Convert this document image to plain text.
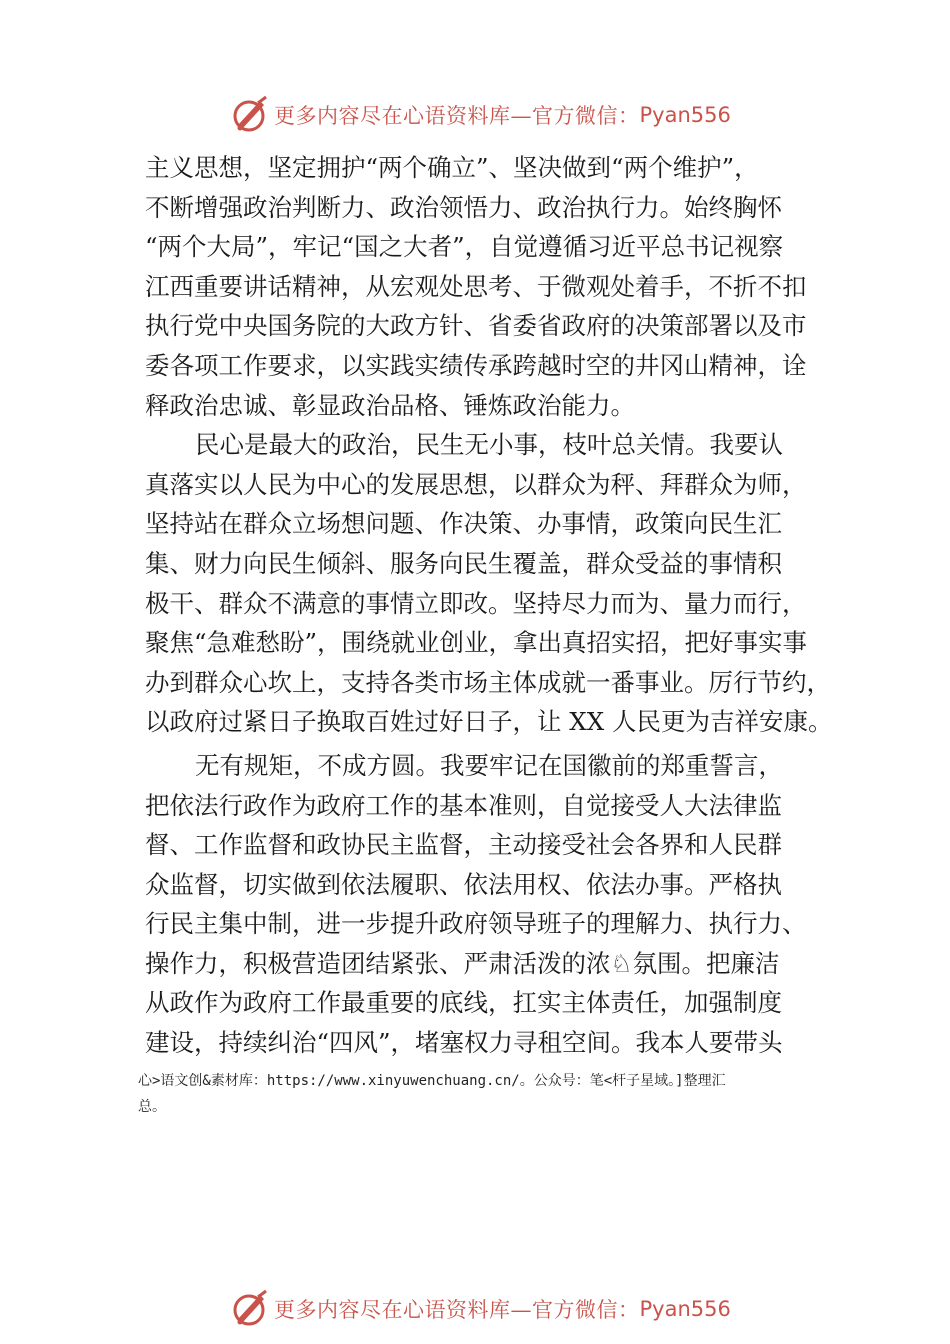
更多内容尽在心语资料库—官方微信： Pyan556
主义思想，坚定拥护“两个确立”、坚决做到“两个维护”，
不断增强政治判断力、政治领悟力、政治执行力。始终胸怀
“两个大局”，牢记“国之大者”，自觉遵循习近平总书记视察
江西重要讲话精神，从宏观处思考、于微观处着手，不折不扣
执行党中央国务院的大政方针、省委省政府的决策部署以及市
委各项工作要求，以实践实绩传承跨越时空的井冈山精神，诠
释政治忠诚、彰显政治品格、锤炼政治能力。
民心是最大的政治，民生无小事，枝叶总关情。我要认
真落实以人民为中心的发展思想，以群众为秤、拜群众为师，
坚持站在群众立场想问题、作决策、办事情，政策向民生汇
集、财力向民生倾斜、服务向民生覆盖，群众受益的事情积
极干、群众不满意的事情立即改。坚持尽力而为、量力而行，
聚焦“急难愁盼”，围绕就业创业，拿出真招实招，把好事实事
办到群众心坎上，支持各类市场主体成就一番事业。厉行节约，
以政府过紧日子换取百姓过好日子，让 XX 人民更为吉祥安康。
无有规矩，不成方圆。我要牢记在国徽前的郑重誓言，
把依法行政作为政府工作的基本准则，自觉接受人大法律监
督、工作监督和政协民主监督，主动接受社会各界和人民群
众监督，切实做到依法履职、依法用权、依法办事。严格执
行民主集中制，进一步提升政府领导班子的理解力、执行力、
操作力，积极营造团结紧张、严肃活泼的浓♘氛围。把廉洁
从政作为政府工作最重要的底线，扛实主体责任，加强制度
建设，持续纠治“四风”，堵塞权力寻租空间。我本人要带头
心>语文创&素材库：https://www.xinyuwenchuang.cn/。公众号：笔<杆子星域。]整理汇
总。
更多内容尽在心语资料库—官方微信： Pyan556
